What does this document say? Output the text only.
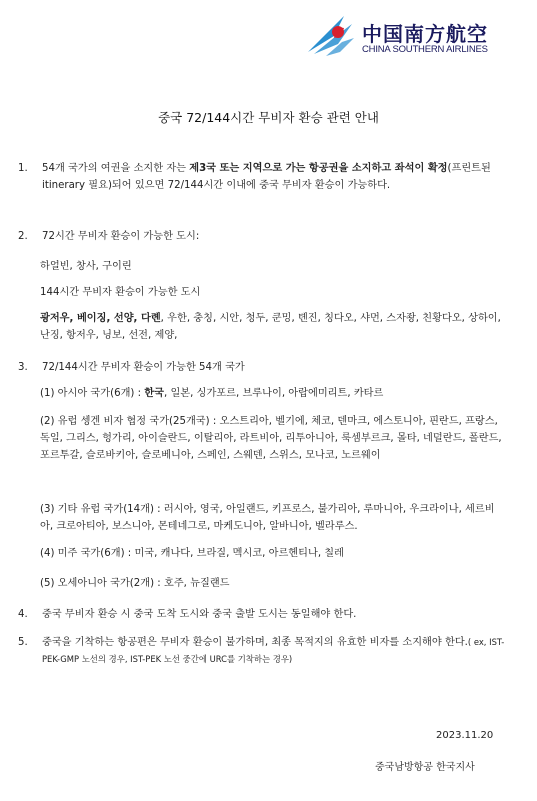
中国南方航空
CHINA SOUTHERN AIRLINES
중국 72/144시간 무비자 환승 관련 안내
1. 54개 국가의 여권을 소지한 자는 제3국 또는 지역으로 가는 항공권을 소지하고 좌석이 확정(프린트된 itinerary 필요)되어 있으면 72/144시간 이내에 중국 무비자 환승이 가능하다.
2. 72시간 무비자 환승이 가능한 도시:
하얼빈, 창사, 구이린
144시간 무비자 환승이 가능한 도시
광저우, 베이징, 선양, 다롄, 우한, 충칭, 시안, 청두, 쿤밍, 톈진, 칭다오, 샤먼, 스자좡, 친황다오, 상하이, 난징, 항저우, 닝보, 선전, 제양,
3. 72/144시간 무비자 환승이 가능한 54개 국가
(1) 아시아 국가(6개) : 한국, 일본, 싱가포르, 브루나이, 아랍에미리트, 카타르
(2) 유럽 셍겐 비자 협정 국가(25개국) : 오스트리아, 벨기에, 체코, 덴마크, 에스토니아, 핀란드, 프랑스, 독일, 그리스, 헝가리, 아이슬란드, 이탈리아, 라트비아, 리투아니아, 룩셈부르크, 몰타, 네덜란드, 폴란드, 포르투갈, 슬로바키아, 슬로베니아, 스페인, 스웨덴, 스위스, 모나코, 노르웨이
(3) 기타 유럽 국가(14개) : 러시아, 영국, 아일랜드, 키프로스, 불가리아, 루마니아, 우크라이나, 세르비아, 크로아티아, 보스니아, 몬테네그로, 마케도니아, 알바니아, 벨라루스.
(4) 미주 국가(6개) : 미국, 캐나다, 브라질, 멕시코, 아르헨티나, 칠레
(5) 오세아니아 국가(2개) : 호주, 뉴질랜드
4. 중국 무비자 환승 시 중국 도착 도시와 중국 출발 도시는 동일해야 한다.
5. 중국을 기착하는 항공편은 무비자 환승이 불가하며, 최종 목적지의 유효한 비자를 소지해야 한다.( ex, IST-PEK-GMP 노선의 경우, IST-PEK 노선 중간에 URC를 기착하는 경우)
2023.11.20
중국남방항공 한국지사
